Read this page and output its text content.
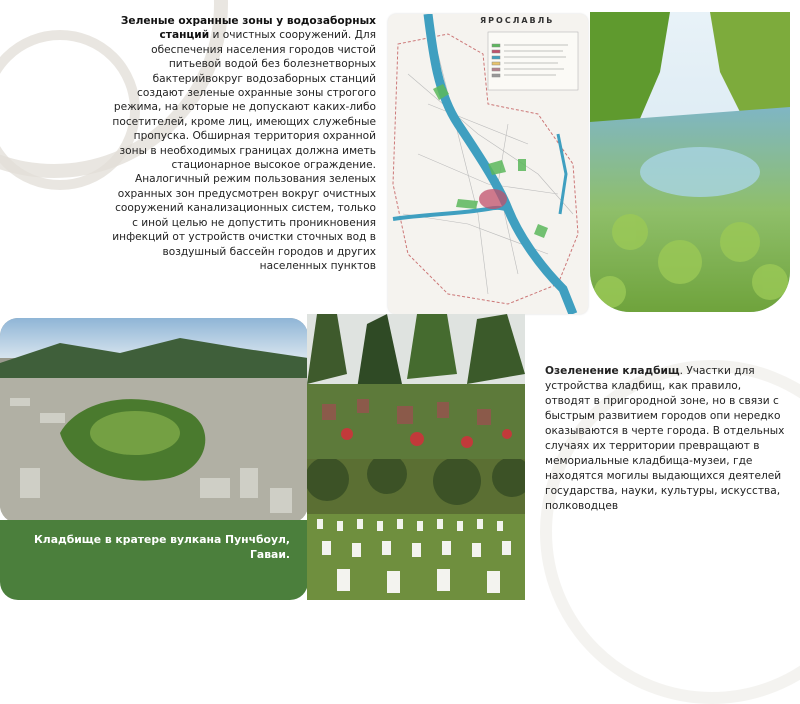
Зеленые охранные зоны у водозаборных станций и очистных сооружений. Для обеспечения населения городов чистой питьевой водой без болезнетворных бактерийвокруг водозаборных станций создают зеленые охранные зоны строгого режима, на которые не допускают каких-либо посетителей, кроме лиц, имеющих служебные пропуска. Обширная территория охранной зоны в необходимых границах должна иметь стационарное высокое ограждение. Аналогичный режим пользования зеленых охранных зон предусмотрен вокруг очистных сооружений канализационных систем, только с иной целью не допустить проникновения инфекций от устройств очистки сточных вод в воздушный бассейн городов и других населенных пунктов
ЯРОСЛАВЛЬ
Кладбище в кратере вулкана Пунчбоул, Гаваи.
Озеленение кладбищ. Участки для устройства кладбищ, как правило, отводят в пригородной зоне, но в связи с быстрым развитием городов опи нередко оказываются в черте города. В отдельных случаях их территории превращают в мемориальные кладбища-музеи, где находятся могилы выдающихся деятелей государства, науки, культуры, искусства, полководцев
